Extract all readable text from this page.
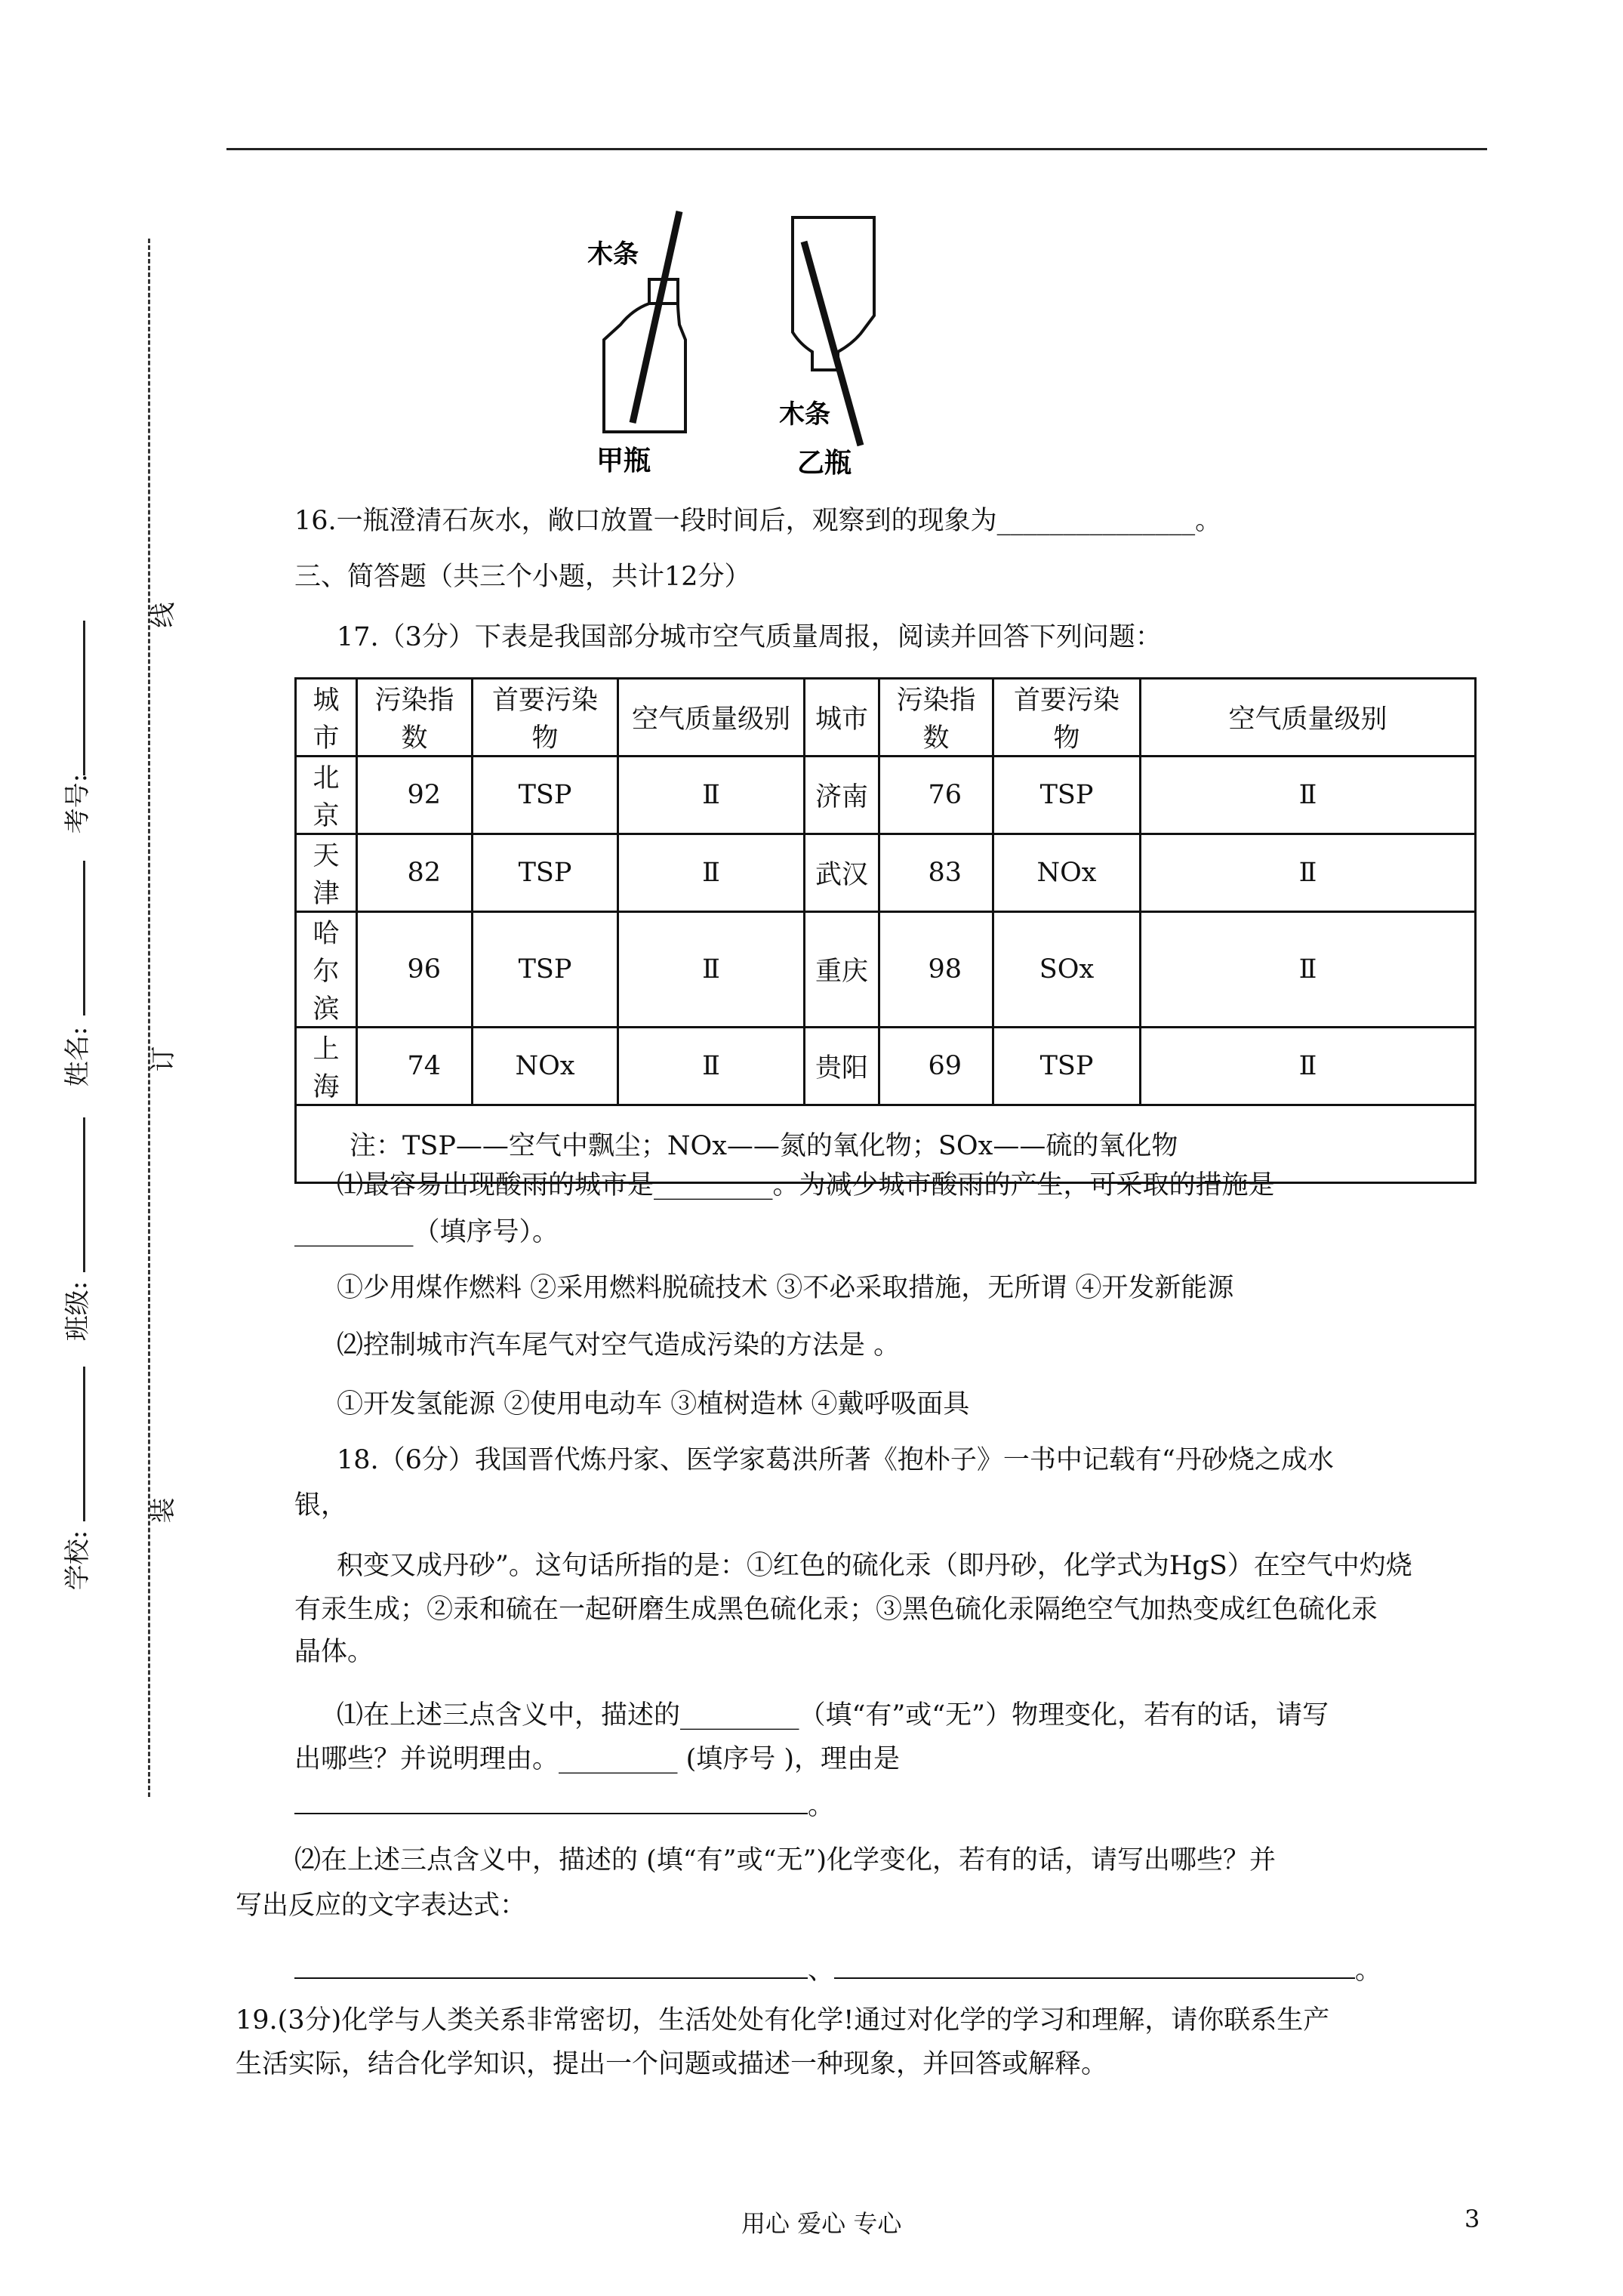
线
订
装
考号:
姓名:
班级:
学校:
木条
甲瓶
木条
乙瓶
16.一瓶澄清石灰水，敞口放置一段时间后，观察到的现象为_______________。
三、简答题（共三个小题，共计12分）
17.（3分）下表是我国部分城市空气质量周报，阅读并回答下列问题：
城市	污染指数	首要污染物	空气质量级别	城市	污染指数	首要污染物	空气质量级别
北京	92	TSP	Ⅱ	济南	76	TSP	Ⅱ
天津	82	TSP	Ⅱ	武汉	83	NOx	Ⅱ
哈尔滨	96	TSP	Ⅱ	重庆	98	SOx	Ⅱ
上海	74	NOx	Ⅱ	贵阳	69	TSP	Ⅱ
注：TSP——空气中飘尘；NOx——氮的氧化物；SOx——硫的氧化物							
⑴最容易出现酸雨的城市是_________。为减少城市酸雨的产生，可采取的措施是
_________（填序号）。
①少用煤作燃料 ②采用燃料脱硫技术 ③不必采取措施，无所谓 ④开发新能源
⑵控制城市汽车尾气对空气造成污染的方法是 。
①开发氢能源 ②使用电动车 ③植树造林 ④戴呼吸面具
18.（6分）我国晋代炼丹家、医学家葛洪所著《抱朴子》一书中记载有“丹砂烧之成水
银，
积变又成丹砂”。这句话所指的是：①红色的硫化汞（即丹砂，化学式为HgS）在空气中灼烧
有汞生成；②汞和硫在一起研磨生成黑色硫化汞；③黑色硫化汞隔绝空气加热变成红色硫化汞
晶体。
⑴在上述三点含义中，描述的_________（填“有”或“无”）物理变化，若有的话，请写
出哪些？并说明理由。_________ (填序号 )，理由是
。
⑵在上述三点含义中，描述的 (填“有”或“无”)化学变化，若有的话，请写出哪些？并
写出反应的文字表达式：
、	。
19.(3分)化学与人类关系非常密切，生活处处有化学!通过对化学的学习和理解，请你联系生产
生活实际，结合化学知识，提出一个问题或描述一种现象，并回答或解释。
用心 爱心 专心	3
